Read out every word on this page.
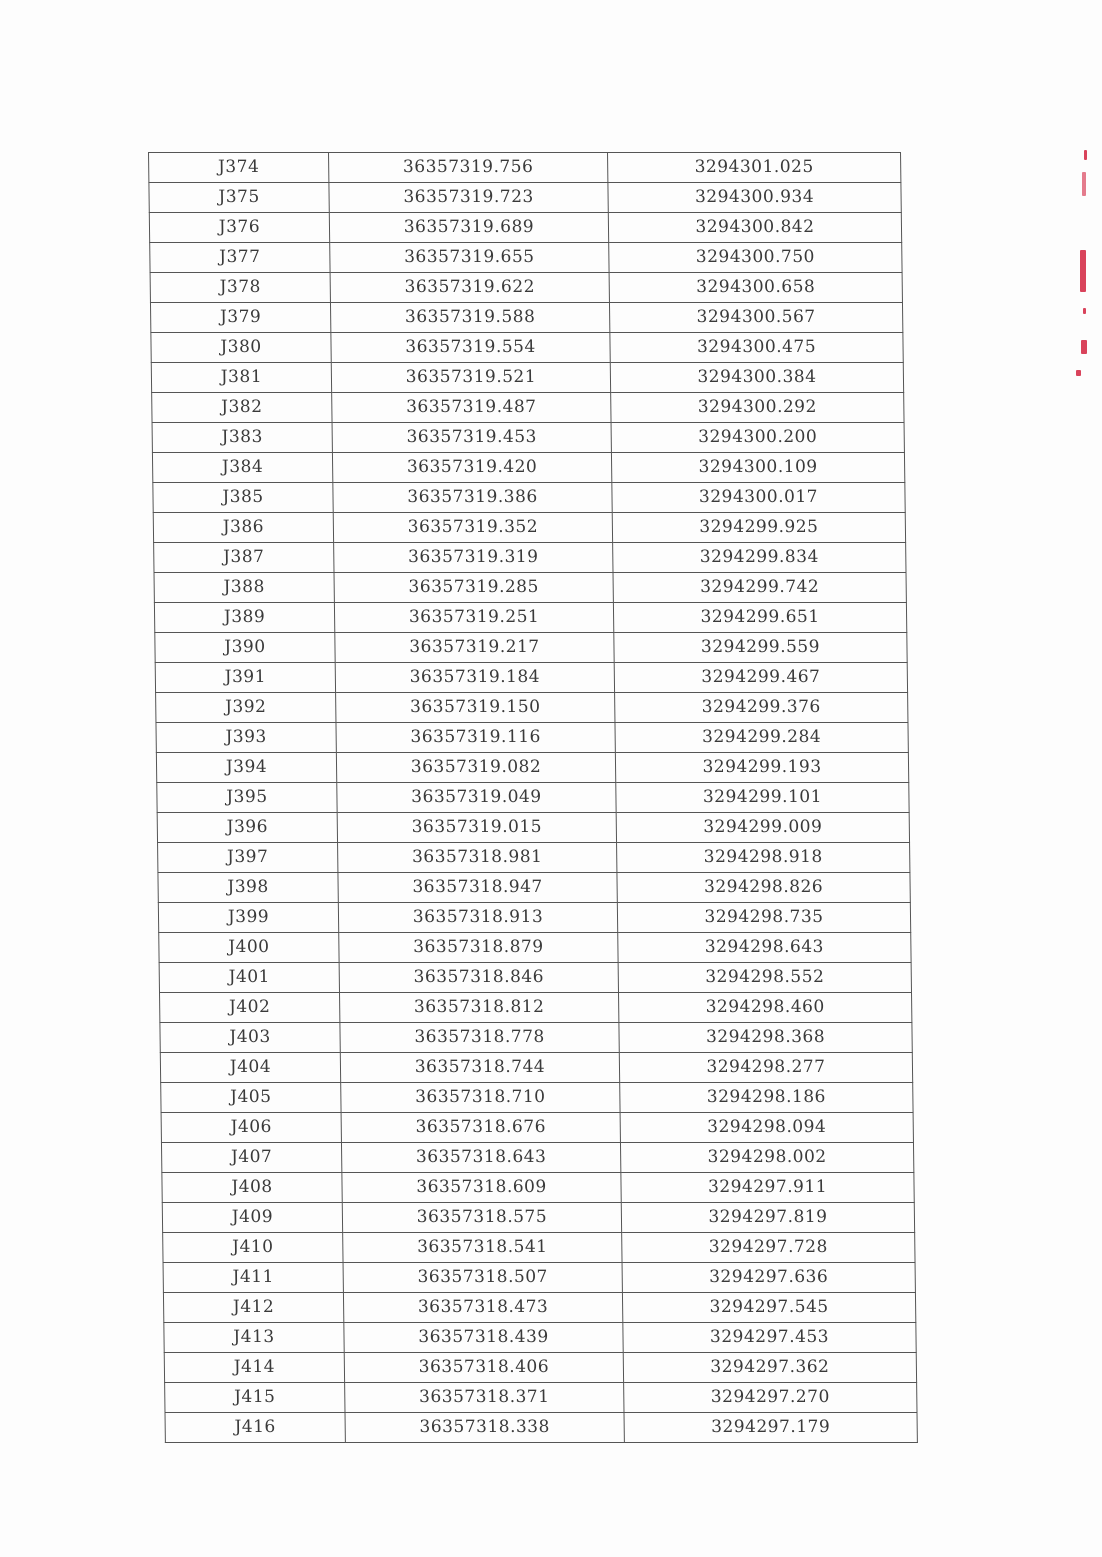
J374	36357319.756	3294301.025
J375	36357319.723	3294300.934
J376	36357319.689	3294300.842
J377	36357319.655	3294300.750
J378	36357319.622	3294300.658
J379	36357319.588	3294300.567
J380	36357319.554	3294300.475
J381	36357319.521	3294300.384
J382	36357319.487	3294300.292
J383	36357319.453	3294300.200
J384	36357319.420	3294300.109
J385	36357319.386	3294300.017
J386	36357319.352	3294299.925
J387	36357319.319	3294299.834
J388	36357319.285	3294299.742
J389	36357319.251	3294299.651
J390	36357319.217	3294299.559
J391	36357319.184	3294299.467
J392	36357319.150	3294299.376
J393	36357319.116	3294299.284
J394	36357319.082	3294299.193
J395	36357319.049	3294299.101
J396	36357319.015	3294299.009
J397	36357318.981	3294298.918
J398	36357318.947	3294298.826
J399	36357318.913	3294298.735
J400	36357318.879	3294298.643
J401	36357318.846	3294298.552
J402	36357318.812	3294298.460
J403	36357318.778	3294298.368
J404	36357318.744	3294298.277
J405	36357318.710	3294298.186
J406	36357318.676	3294298.094
J407	36357318.643	3294298.002
J408	36357318.609	3294297.911
J409	36357318.575	3294297.819
J410	36357318.541	3294297.728
J411	36357318.507	3294297.636
J412	36357318.473	3294297.545
J413	36357318.439	3294297.453
J414	36357318.406	3294297.362
J415	36357318.371	3294297.270
J416	36357318.338	3294297.179
